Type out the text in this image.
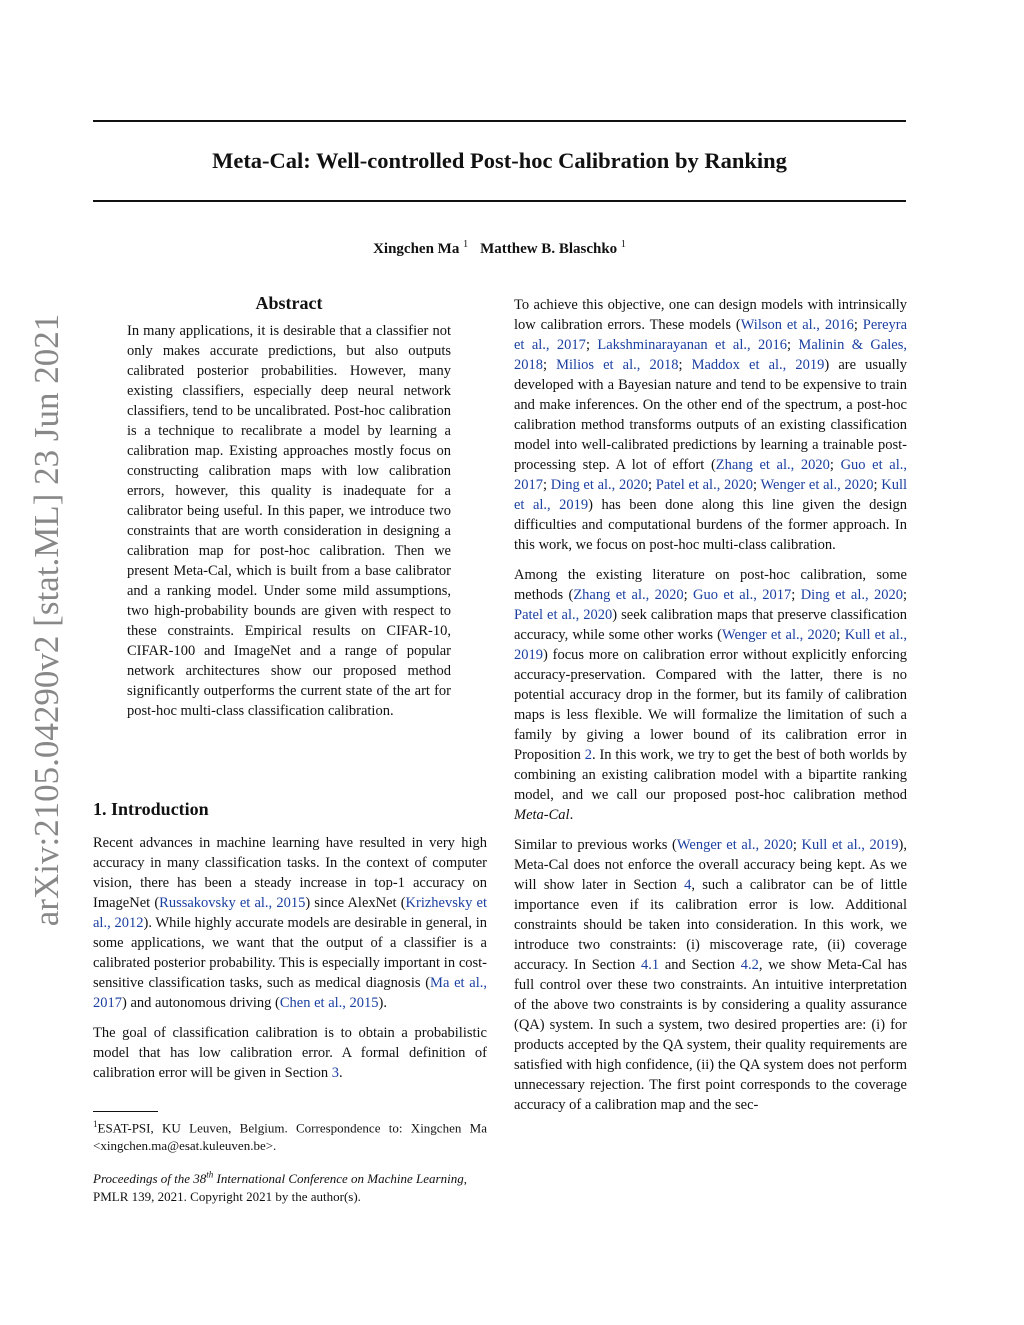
arXiv:2105.04290v2 [stat.ML] 23 Jun 2021
Meta-Cal: Well-controlled Post-hoc Calibration by Ranking
Xingchen Ma $^1$ Matthew B. Blaschko $^1$
Abstract

In many applications, it is desirable that a classifier not only makes accurate predictions, but also outputs calibrated posterior probabilities. However, many existing classifiers, especially deep neural network classifiers, tend to be uncalibrated. Post-hoc calibration is a technique to recalibrate a model by learning a calibration map. Existing approaches mostly focus on constructing calibration maps with low calibration errors, however, this quality is inadequate for a calibrator being useful. In this paper, we introduce two constraints that are worth consideration in designing a calibration map for post-hoc calibration. Then we present Meta-Cal, which is built from a base calibrator and a ranking model. Under some mild assumptions, two high-probability bounds are given with respect to these constraints. Empirical results on CIFAR-10, CIFAR-100 and ImageNet and a range of popular network architectures show our proposed method significantly outperforms the current state of the art for post-hoc multi-class classification calibration.

1. Introduction

Recent advances in machine learning have resulted in very high accuracy in many classification tasks. In the context of computer vision, there has been a steady increase in top-1 accuracy on ImageNet (Russakovsky et al., 2015) since AlexNet (Krizhevsky et al., 2012). While highly accurate models are desirable in general, in some applications, we want that the output of a classifier is a calibrated posterior probability. This is especially important in cost-sensitive classification tasks, such as medical diagnosis (Ma et al., 2017) and autonomous driving (Chen et al., 2015).

The goal of classification calibration is to obtain a probabilistic model that has low calibration error. A formal definition of calibration error will be given in Section 3.

$^1$ESAT-PSI, KU Leuven, Belgium. Correspondence to: Xingchen Ma <xingchen.ma@esat.kuleuven.be>.

Proceedings of the 38th International Conference on Machine Learning, PMLR 139, 2021. Copyright 2021 by the author(s).

To achieve this objective, one can design models with intrinsically low calibration errors. These models (Wilson et al., 2016; Pereyra et al., 2017; Lakshminarayanan et al., 2016; Malinin & Gales, 2018; Milios et al., 2018; Maddox et al., 2019) are usually developed with a Bayesian nature and tend to be expensive to train and make inferences. On the other end of the spectrum, a post-hoc calibration method transforms outputs of an existing classification model into well-calibrated predictions by learning a trainable post-processing step. A lot of effort (Zhang et al., 2020; Guo et al., 2017; Ding et al., 2020; Patel et al., 2020; Wenger et al., 2020; Kull et al., 2019) has been done along this line given the design difficulties and computational burdens of the former approach. In this work, we focus on post-hoc multi-class calibration.

Among the existing literature on post-hoc calibration, some methods (Zhang et al., 2020; Guo et al., 2017; Ding et al., 2020; Patel et al., 2020) seek calibration maps that preserve classification accuracy, while some other works (Wenger et al., 2020; Kull et al., 2019) focus more on calibration error without explicitly enforcing accuracy-preservation. Compared with the latter, there is no potential accuracy drop in the former, but its family of calibration maps is less flexible. We will formalize the limitation of such a family by giving a lower bound of its calibration error in Proposition 2. In this work, we try to get the best of both worlds by combining an existing calibration model with a bipartite ranking model, and we call our proposed post-hoc calibration method Meta-Cal.

Similar to previous works (Wenger et al., 2020; Kull et al., 2019), Meta-Cal does not enforce the overall accuracy being kept. As we will show later in Section 4, such a calibrator can be of little importance even if its calibration error is low. Additional constraints should be taken into consideration. In this work, we introduce two constraints: (i) miscoverage rate, (ii) coverage accuracy. In Section 4.1 and Section 4.2, we show Meta-Cal has full control over these two constraints. An intuitive interpretation of the above two constraints is by considering a quality assurance (QA) system. In such a system, two desired properties are: (i) for products accepted by the QA system, their quality requirements are satisfied with high confidence, (ii) the QA system does not perform unnecessary rejection. The first point corresponds to the coverage accuracy of a calibration map and the sec-
